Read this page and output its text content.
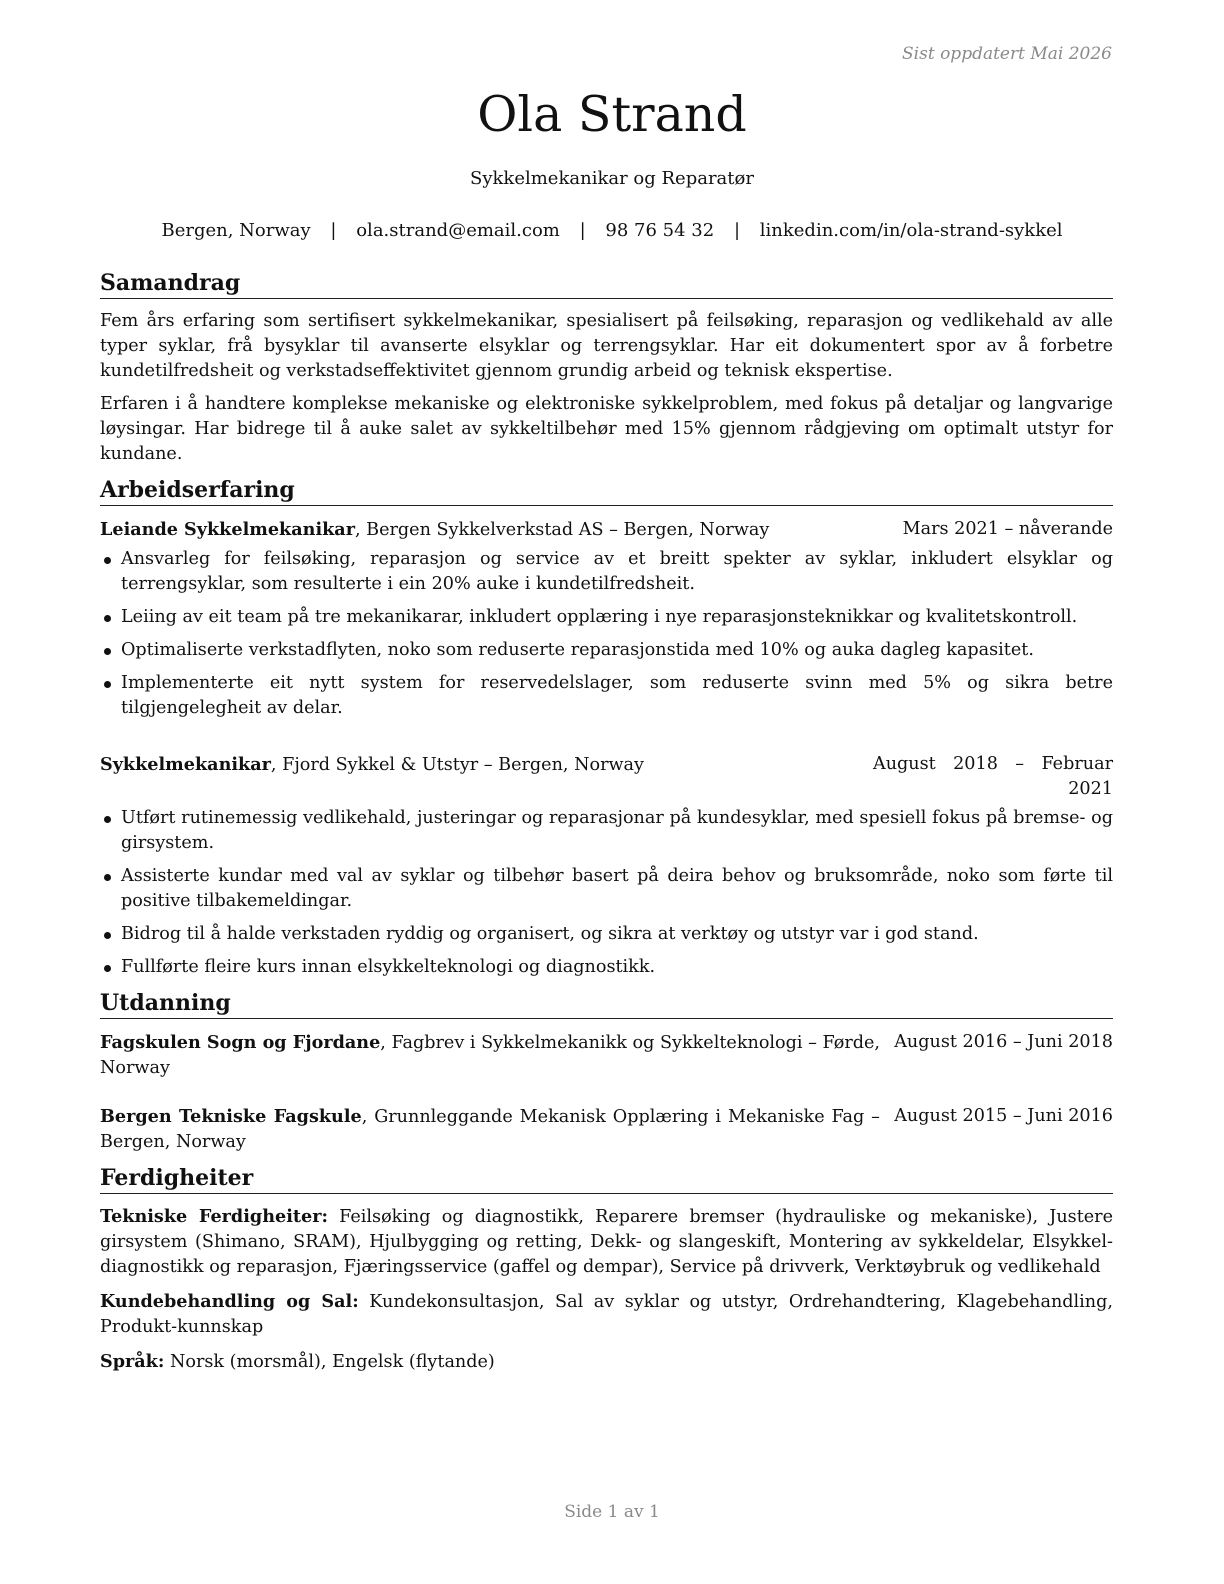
Sist oppdatert Mai 2026
Ola Strand
Sykkelmekanikar og Reparatør
Bergen, Norway | ola.strand@email.com | 98 76 54 32 | linkedin.com/in/ola-strand-sykkel
Samandrag

Fem års erfaring som sertifisert sykkelmekanikar, spesialisert på feilsøking, reparasjon og vedlikehald av alle typer syklar, frå bysyklar til avanserte elsyklar og terrengsyklar. Har eit dokumentert spor av å forbetre kundetilfredsheit og verkstadseffektivitet gjennom grundig arbeid og teknisk ekspertise.

Erfaren i å handtere komplekse mekaniske og elektroniske sykkelproblem, med fokus på detaljar og langvarige løysingar. Har bidrege til å auke salet av sykkeltilbehør med 15% gjennom rådgjeving om optimalt utstyr for kundane.

Arbeidserfaring
Leiande Sykkelmekanikar, Bergen Sykkelverkstad AS – Bergen, Norway	Mars 2021 – nåverande
Ansvarleg for feilsøking, reparasjon og service av et breitt spekter av syklar, inkludert elsyklar og terrengsyklar, som resulterte i ein 20% auke i kundetilfredsheit.
Leiing av eit team på tre mekanikarar, inkludert opplæring i nye reparasjonsteknikkar og kvalitetskontroll.
Optimaliserte verkstadflyten, noko som reduserte reparasjonstida med 10% og auka dagleg kapasitet.
Implementerte eit nytt system for reservedelslager, som reduserte svinn med 5% og sikra betre tilgjengelegheit av delar.
Sykkelmekanikar, Fjord Sykkel & Utstyr – Bergen, Norway	August 2018 – Februar 2021
Utført rutinemessig vedlikehald, justeringar og reparasjonar på kundesyklar, med spesiell fokus på bremse- og girsystem.
Assisterte kundar med val av syklar og tilbehør basert på deira behov og bruksområde, noko som førte til positive tilbakemeldingar.
Bidrog til å halde verkstaden ryddig og organisert, og sikra at verktøy og utstyr var i god stand.
Fullførte fleire kurs innan elsykkelteknologi og diagnostikk.
Utdanning
Fagskulen Sogn og Fjordane, Fagbrev i Sykkelmekanikk og Sykkelteknologi – Førde, Norway
August 2016 – Juni 2018
Bergen Tekniske Fagskule, Grunnleggande Mekanisk Opplæring i Mekaniske Fag – Bergen, Norway
August 2015 – Juni 2016
Ferdigheiter

Tekniske Ferdigheiter: Feilsøking og diagnostikk, Reparere bremser (hydrauliske og mekaniske), Justere girsystem (Shimano, SRAM), Hjulbygging og retting, Dekk- og slangeskift, Montering av sykkeldelar, Elsykkel-diagnostikk og reparasjon, Fjæringsservice (gaffel og dempar), Service på drivverk, Verktøybruk og vedlikehald

Kundebehandling og Sal: Kundekonsultasjon, Sal av syklar og utstyr, Ordrehandtering, Klagebehandling, Produkt-kunnskap

Språk: Norsk (morsmål), Engelsk (flytande)

Side 1 av 1
